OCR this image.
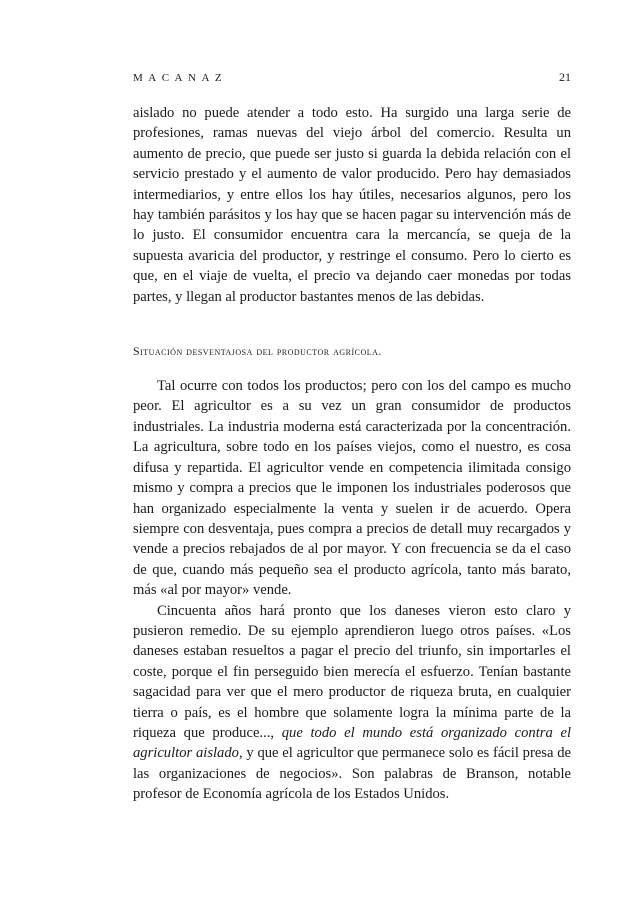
MACANAZ	21

aislado no puede atender a todo esto. Ha surgido una larga serie de profesiones, ramas nuevas del viejo árbol del comercio. Resulta un aumento de precio, que puede ser justo si guarda la debida relación con el servicio prestado y el aumento de valor producido. Pero hay demasiados intermediarios, y entre ellos los hay útiles, necesarios algunos, pero los hay también parásitos y los hay que se hacen pagar su intervención más de lo justo. El consumidor encuentra cara la mercancía, se queja de la supuesta avaricia del productor, y restringe el consumo. Pero lo cierto es que, en el viaje de vuelta, el precio va dejando caer monedas por todas partes, y llegan al productor bastantes menos de las debidas.

Situación desventajosa del productor agrícola.

Tal ocurre con todos los productos; pero con los del campo es mucho peor. El agricultor es a su vez un gran consumidor de productos industriales. La industria moderna está caracterizada por la concentración. La agricultura, sobre todo en los países viejos, como el nuestro, es cosa difusa y repartida. El agricultor vende en competencia ilimitada consigo mismo y compra a precios que le imponen los industriales poderosos que han organizado especialmente la venta y suelen ir de acuerdo. Opera siempre con desventaja, pues compra a precios de detall muy recargados y vende a precios rebajados de al por mayor. Y con frecuencia se da el caso de que, cuando más pequeño sea el producto agrícola, tanto más barato, más «al por mayor» vende.

Cincuenta años hará pronto que los daneses vieron esto claro y pusieron remedio. De su ejemplo aprendieron luego otros países. «Los daneses estaban resueltos a pagar el precio del triunfo, sin importarles el coste, porque el fin perseguido bien merecía el esfuerzo. Tenían bastante sagacidad para ver que el mero productor de riqueza bruta, en cualquier tierra o país, es el hombre que solamente logra la mínima parte de la riqueza que produce..., que todo el mundo está organizado contra el agricultor aislado, y que el agricultor que permanece solo es fácil presa de las organizaciones de negocios». Son palabras de Branson, notable profesor de Economía agrícola de los Estados Unidos.
